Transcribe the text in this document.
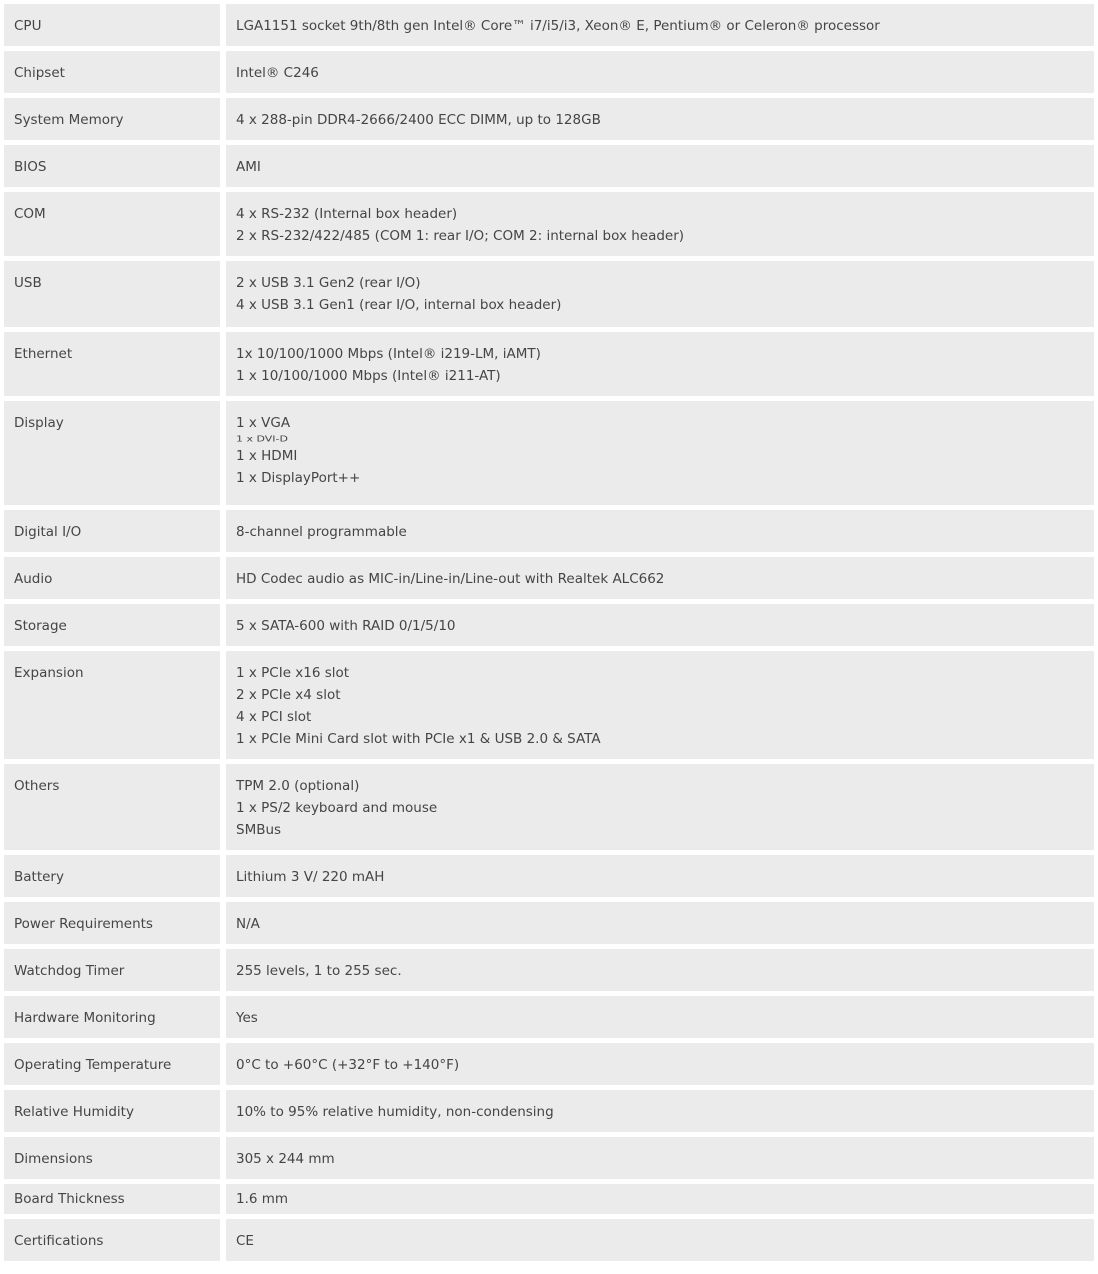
CPU	LGA1151 socket 9th/8th gen Intel® Core™ i7/i5/i3, Xeon® E, Pentium® or Celeron® processor
Chipset	Intel® C246
System Memory	4 x 288-pin DDR4-2666/2400 ECC DIMM, up to 128GB
BIOS	AMI
COM	4 x RS-232 (Internal box header)
2 x RS-232/422/485 (COM 1: rear I/O; COM 2: internal box header)
USB	2 x USB 3.1 Gen2 (rear I/O)
4 x USB 3.1 Gen1 (rear I/O, internal box header)
Ethernet	1x 10/100/1000 Mbps (Intel® i219-LM, iAMT)
1 x 10/100/1000 Mbps (Intel® i211-AT)
Display	1 x VGA
1 x DVI-D
1 x HDMI
1 x DisplayPort++
Digital I/O	8-channel programmable
Audio	HD Codec audio as MIC-in/Line-in/Line-out with Realtek ALC662
Storage	5 x SATA-600 with RAID 0/1/5/10
Expansion	1 x PCIe x16 slot
2 x PCIe x4 slot
4 x PCI slot
1 x PCIe Mini Card slot with PCIe x1 & USB 2.0 & SATA
Others	TPM 2.0 (optional)
1 x PS/2 keyboard and mouse
SMBus
Battery	Lithium 3 V/ 220 mAH
Power Requirements	N/A
Watchdog Timer	255 levels, 1 to 255 sec.
Hardware Monitoring	Yes
Operating Temperature	0°C to +60°C (+32°F to +140°F)
Relative Humidity	10% to 95% relative humidity, non-condensing
Dimensions	305 x 244 mm
Board Thickness	1.6 mm
Certifications	CE
